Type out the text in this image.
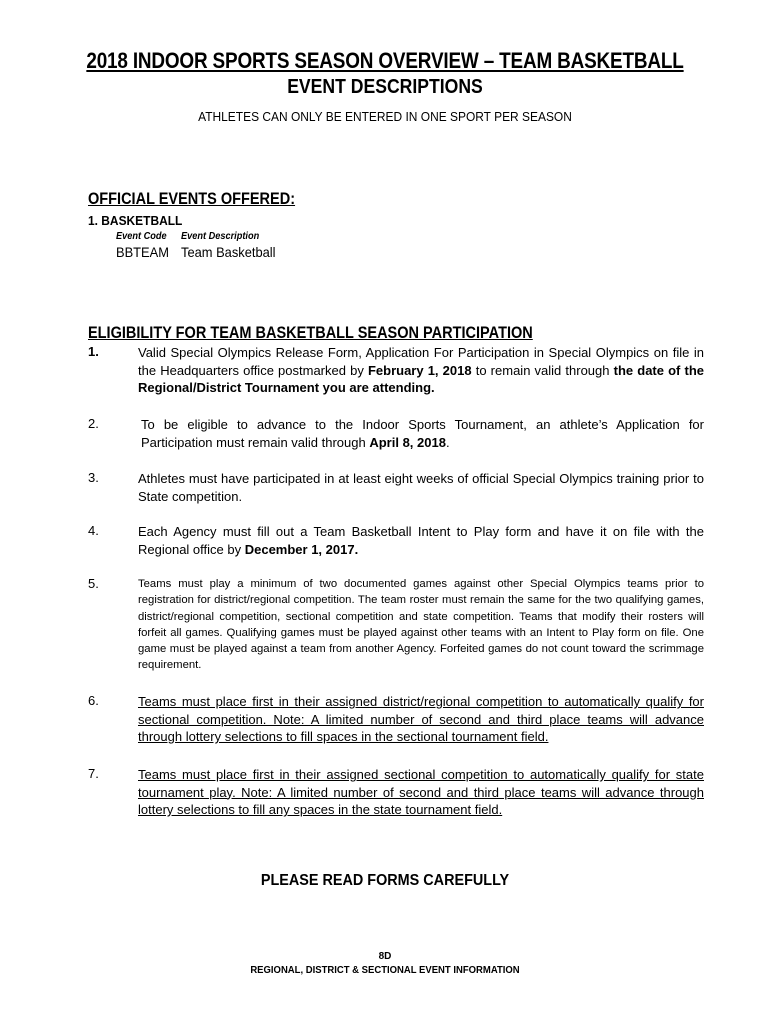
2018 INDOOR SPORTS SEASON OVERVIEW – TEAM BASKETBALL
EVENT DESCRIPTIONS
ATHLETES CAN ONLY BE ENTERED IN ONE SPORT PER SEASON
OFFICIAL EVENTS OFFERED:
1. BASKETBALL
Event Code Event Description
BBTEAM Team Basketball
ELIGIBILITY FOR TEAM BASKETBALL SEASON PARTICIPATION
1.	Valid Special Olympics Release Form, Application For Participation in Special Olympics on file in the Headquarters office postmarked by February 1, 2018 to remain valid through the date of the Regional/District Tournament you are attending.
2.	To be eligible to advance to the Indoor Sports Tournament, an athlete’s Application for Participation must remain valid through April 8, 2018.
3.	Athletes must have participated in at least eight weeks of official Special Olympics training prior to State competition.
4.	Each Agency must fill out a Team Basketball Intent to Play form and have it on file with the Regional office by December 1, 2017.
5.	Teams must play a minimum of two documented games against other Special Olympics teams prior to registration for district/regional competition. The team roster must remain the same for the two qualifying games, district/regional competition, sectional competition and state competition. Teams that modify their rosters will forfeit all games. Qualifying games must be played against other teams with an Intent to Play form on file. One game must be played against a team from another Agency. Forfeited games do not count toward the scrimmage requirement.
6.	Teams must place first in their assigned district/regional competition to automatically qualify for sectional competition. Note: A limited number of second and third place teams will advance through lottery selections to fill spaces in the sectional tournament field.
7.	Teams must place first in their assigned sectional competition to automatically qualify for state tournament play. Note: A limited number of second and third place teams will advance through lottery selections to fill any spaces in the state tournament field.
PLEASE READ FORMS CAREFULLY
8D
REGIONAL, DISTRICT & SECTIONAL EVENT INFORMATION
